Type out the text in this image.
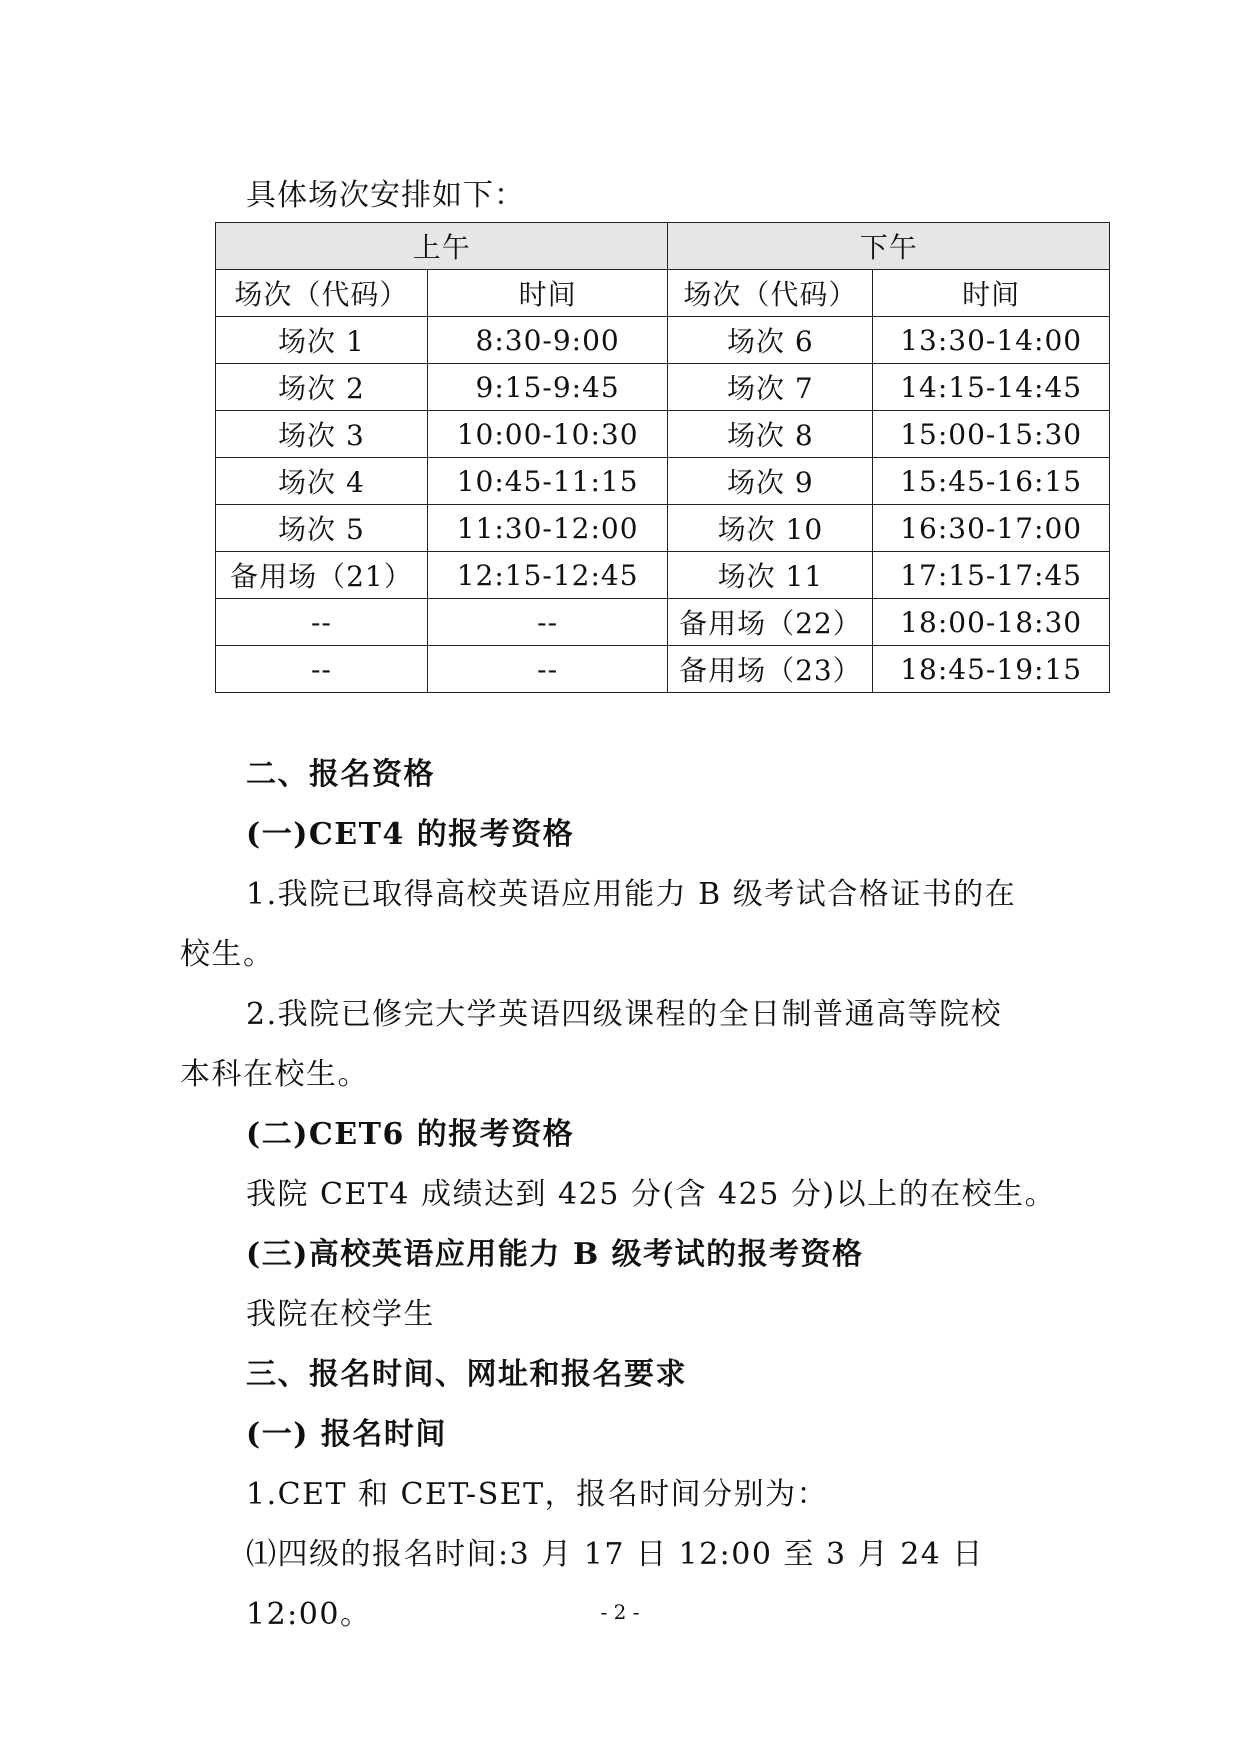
具体场次安排如下：
上午		下午	
场次（代码）	时间	场次（代码）	时间
场次 1	8:30-9:00	场次 6	13:30-14:00
场次 2	9:15-9:45	场次 7	14:15-14:45
场次 3	10:00-10:30	场次 8	15:00-15:30
场次 4	10:45-11:15	场次 9	15:45-16:15
场次 5	11:30-12:00	场次 10	16:30-17:00
备用场（21）	12:15-12:45	场次 11	17:15-17:45
--	--	备用场（22）	18:00-18:30
--	--	备用场（23）	18:45-19:15

二、报名资格

(一)CET4 的报考资格

1.我院已取得高校英语应用能力 B 级考试合格证书的在

校生。

2.我院已修完大学英语四级课程的全日制普通高等院校

本科在校生。

(二)CET6 的报考资格

我院 CET4 成绩达到 425 分(含 425 分)以上的在校生。

(三)高校英语应用能力 B 级考试的报考资格

我院在校学生

三、报名时间、网址和报名要求

(一) 报名时间

1.CET 和 CET-SET，报名时间分别为：

⑴四级的报名时间:3 月 17 日 12:00 至 3 月 24 日 12:00。	- 2 -
